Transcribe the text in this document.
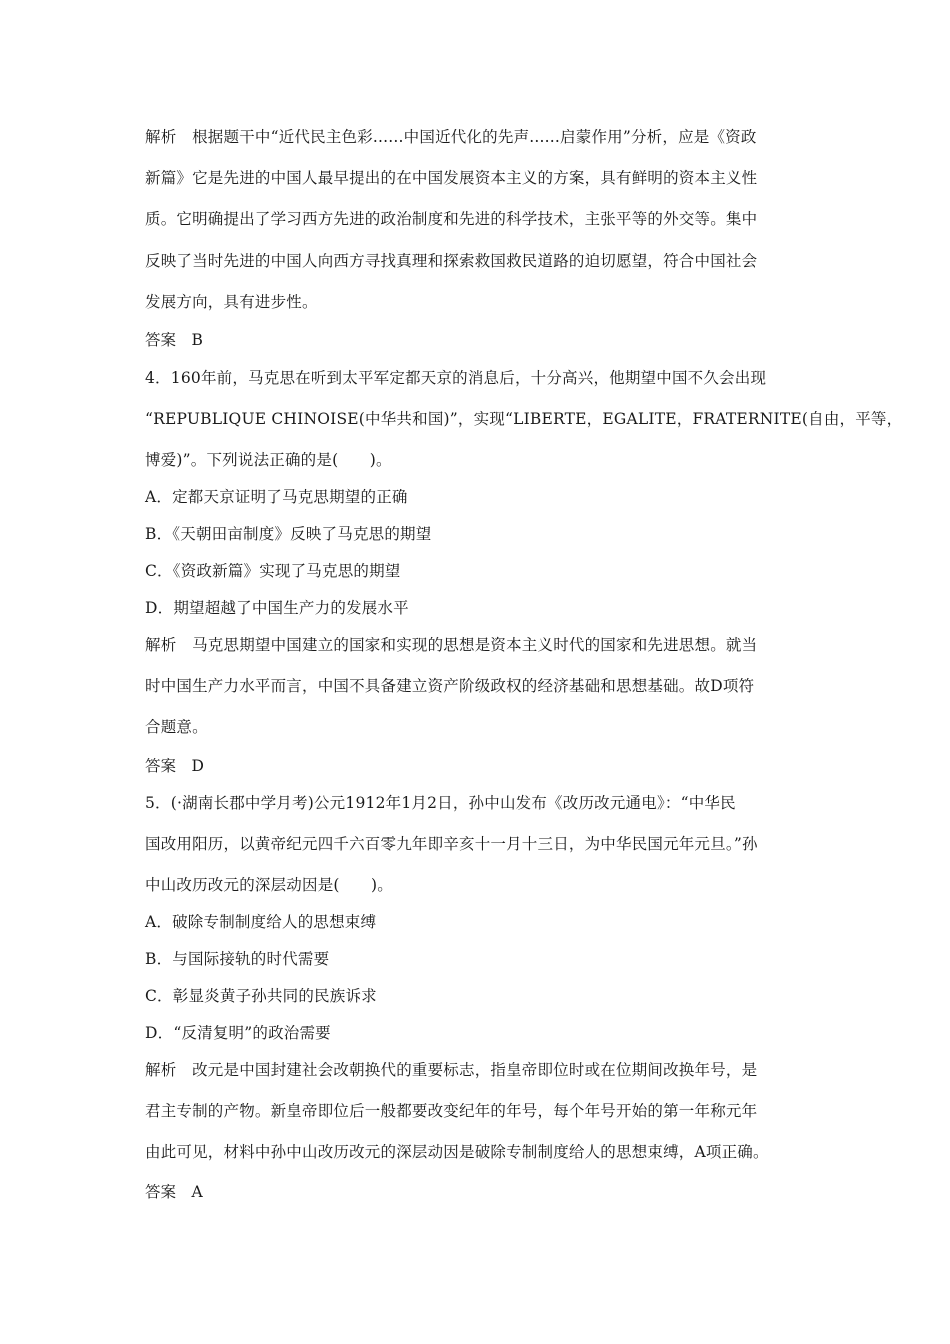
解析　根据题干中“近代民主色彩......中国近代化的先声......启蒙作用”分析，应是《资政
新篇》它是先进的中国人最早提出的在中国发展资本主义的方案，具有鲜明的资本主义性
质。它明确提出了学习西方先进的政治制度和先进的科学技术，主张平等的外交等。集中
反映了当时先进的中国人向西方寻找真理和探索救国救民道路的迫切愿望，符合中国社会
发展方向，具有进步性。
答案　B
4．160年前，马克思在听到太平军定都天京的消息后，十分高兴，他期望中国不久会出现
“REPUBLIQUE CHINOISE(中华共和国)”，实现“LIBERTE，EGALITE，FRATERNITE(自由，平等，
博爱)”。下列说法正确的是(　　)。
A．定都天京证明了马克思期望的正确
B．《天朝田亩制度》反映了马克思的期望
C．《资政新篇》实现了马克思的期望
D．期望超越了中国生产力的发展水平
解析　马克思期望中国建立的国家和实现的思想是资本主义时代的国家和先进思想。就当
时中国生产力水平而言，中国不具备建立资产阶级政权的经济基础和思想基础。故D项符
合题意。
答案　D
5．(·湖南长郡中学月考)公元1912年1月2日，孙中山发布《改历改元通电》：“中华民
国改用阳历，以黄帝纪元四千六百零九年即辛亥十一月十三日，为中华民国元年元旦。”孙
中山改历改元的深层动因是(　　)。
A．破除专制制度给人的思想束缚
B．与国际接轨的时代需要
C．彰显炎黄子孙共同的民族诉求
D．“反清复明”的政治需要
解析　改元是中国封建社会改朝换代的重要标志，指皇帝即位时或在位期间改换年号，是
君主专制的产物。新皇帝即位后一般都要改变纪年的年号，每个年号开始的第一年称元年
由此可见，材料中孙中山改历改元的深层动因是破除专制制度给人的思想束缚，A项正确。
答案　A
